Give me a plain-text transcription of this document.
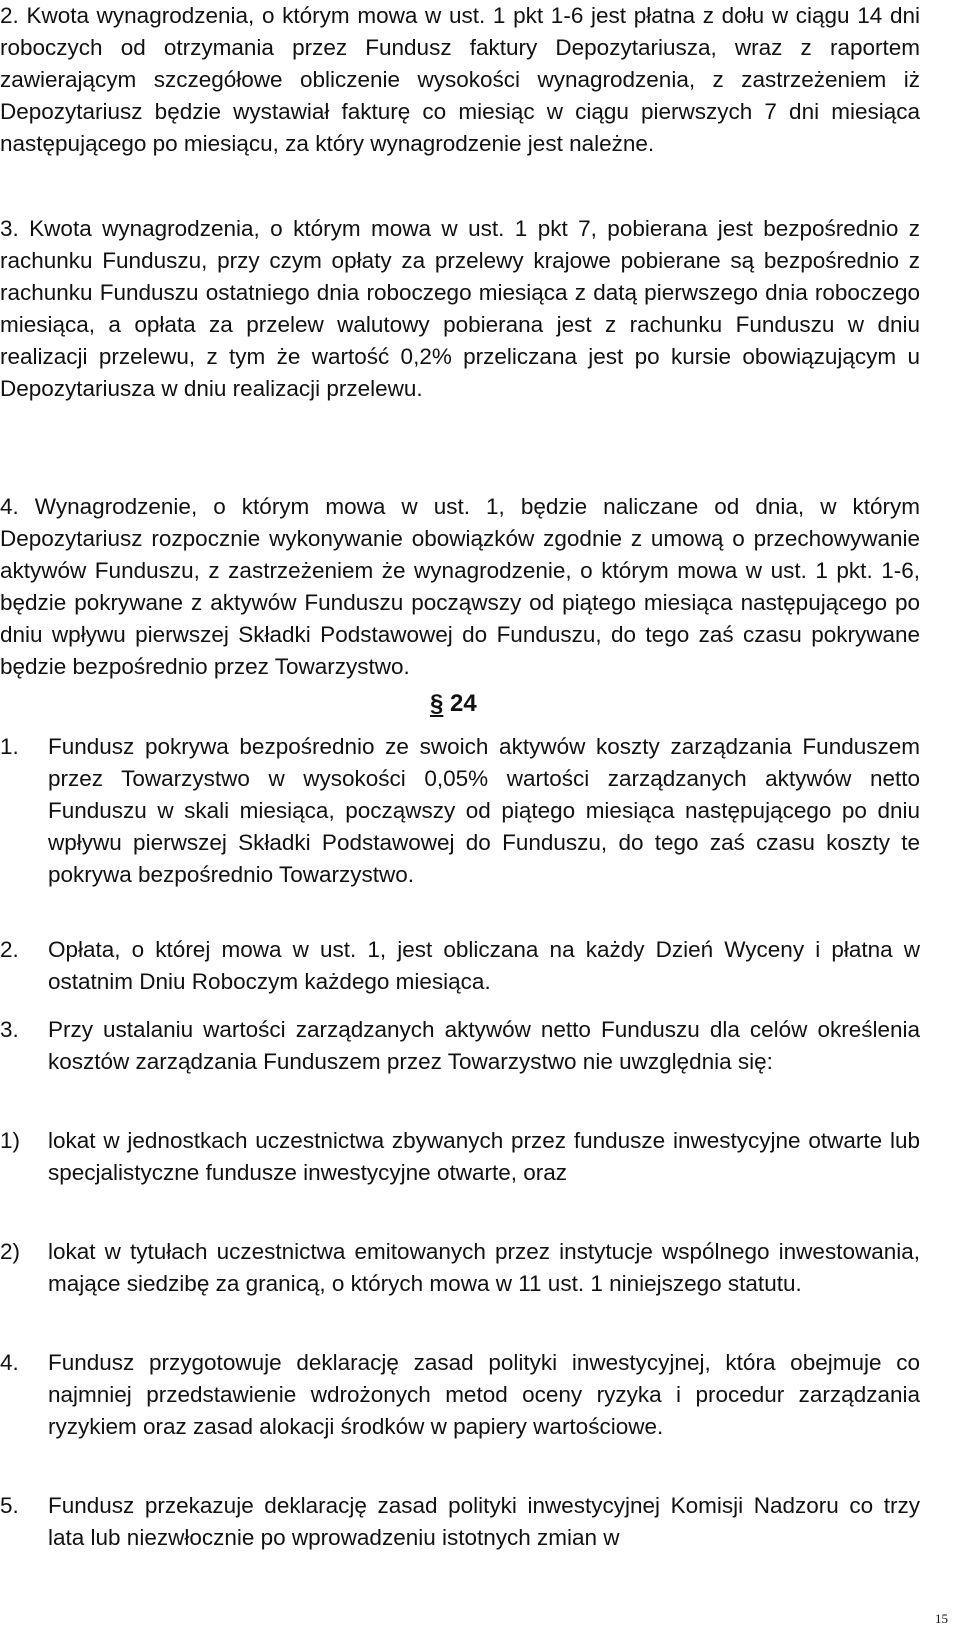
2. Kwota wynagrodzenia, o którym mowa w ust. 1 pkt 1-6 jest płatna z dołu w ciągu 14 dni roboczych od otrzymania przez Fundusz faktury Depozytariusza, wraz z raportem zawierającym szczegółowe obliczenie wysokości wynagrodzenia, z zastrzeżeniem iż Depozytariusz będzie wystawiał fakturę co miesiąc w ciągu pierwszych 7 dni miesiąca następującego po miesiącu, za który wynagrodzenie jest należne.
3. Kwota wynagrodzenia, o którym mowa w ust. 1 pkt 7, pobierana jest bezpośrednio z rachunku Funduszu, przy czym opłaty za przelewy krajowe pobierane są bezpośrednio z rachunku Funduszu ostatniego dnia roboczego miesiąca z datą pierwszego dnia roboczego miesiąca, a opłata za przelew walutowy pobierana jest z rachunku Funduszu w dniu realizacji przelewu, z tym że wartość 0,2% przeliczana jest po kursie obowiązującym u Depozytariusza w dniu realizacji przelewu.
4. Wynagrodzenie, o którym mowa w ust. 1, będzie naliczane od dnia, w którym Depozytariusz rozpocznie wykonywanie obowiązków zgodnie z umową o przechowywanie aktywów Funduszu, z zastrzeżeniem że wynagrodzenie, o którym mowa w ust. 1 pkt. 1-6, będzie pokrywane z aktywów Funduszu począwszy od piątego miesiąca następującego po dniu wpływu pierwszej Składki Podstawowej do Funduszu, do tego zaś czasu pokrywane będzie bezpośrednio przez Towarzystwo.
§ 24
1. Fundusz pokrywa bezpośrednio ze swoich aktywów koszty zarządzania Funduszem przez Towarzystwo w wysokości 0,05% wartości zarządzanych aktywów netto Funduszu w skali miesiąca, począwszy od piątego miesiąca następującego po dniu wpływu pierwszej Składki Podstawowej do Funduszu, do tego zaś czasu koszty te pokrywa bezpośrednio Towarzystwo.
2. Opłata, o której mowa w ust. 1, jest obliczana na każdy Dzień Wyceny i płatna w ostatnim Dniu Roboczym każdego miesiąca.
3. Przy ustalaniu wartości zarządzanych aktywów netto Funduszu dla celów określenia kosztów zarządzania Funduszem przez Towarzystwo nie uwzględnia się:
1) lokat w jednostkach uczestnictwa zbywanych przez fundusze inwestycyjne otwarte lub specjalistyczne fundusze inwestycyjne otwarte, oraz
2) lokat w tytułach uczestnictwa emitowanych przez instytucje wspólnego inwestowania, mające siedzibę za granicą, o których mowa w 11 ust. 1 niniejszego statutu.
4. Fundusz przygotowuje deklarację zasad polityki inwestycyjnej, która obejmuje co najmniej przedstawienie wdrożonych metod oceny ryzyka i procedur zarządzania ryzykiem oraz zasad alokacji środków w papiery wartościowe.
5. Fundusz przekazuje deklarację zasad polityki inwestycyjnej Komisji Nadzoru co trzy lata lub niezwłocznie po wprowadzeniu istotnych zmian w
15
